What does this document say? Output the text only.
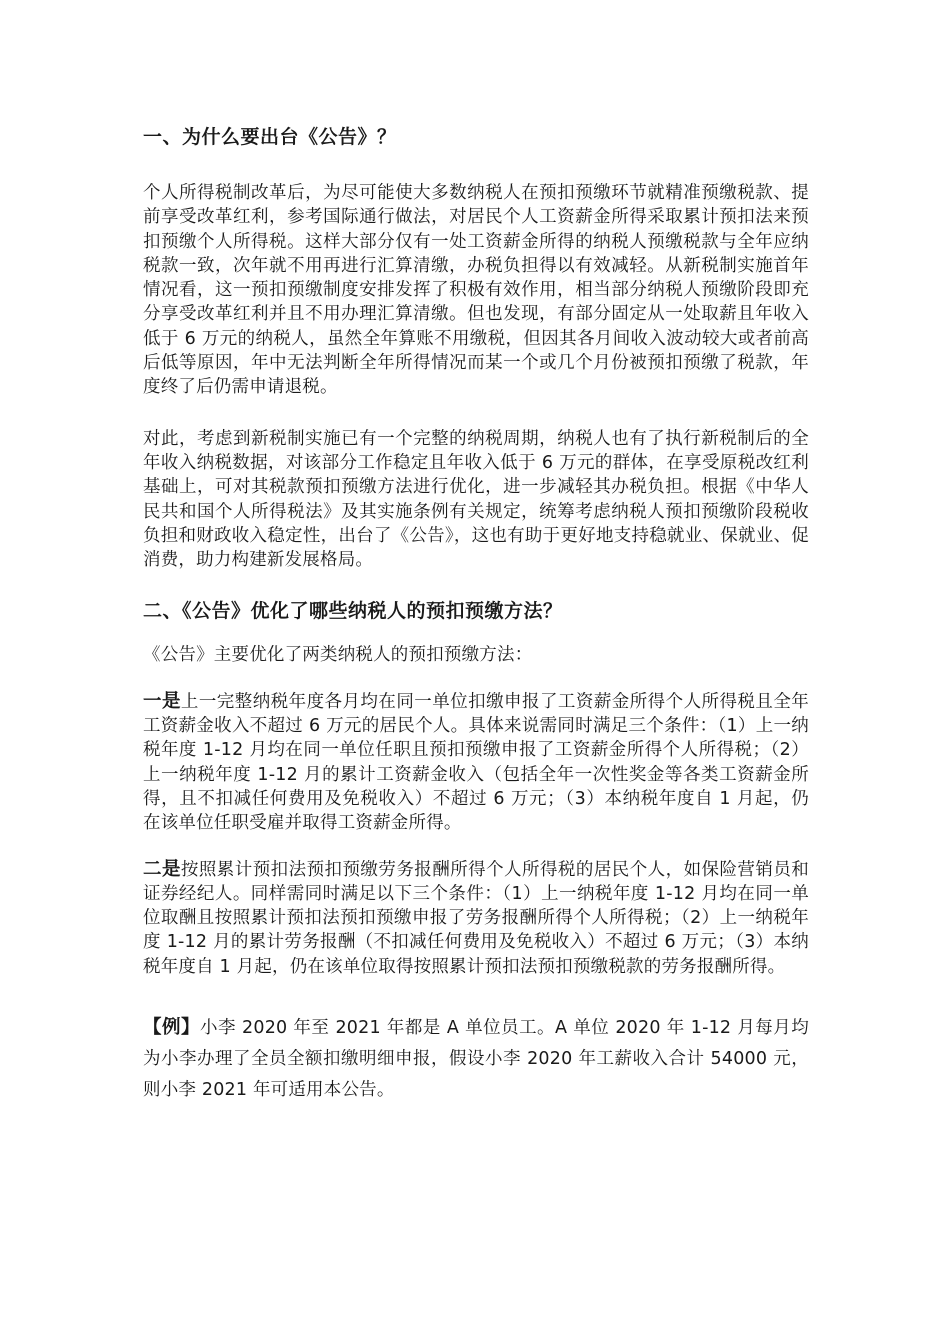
一、为什么要出台《公告》？

个人所得税制改革后，为尽可能使大多数纳税人在预扣预缴环节就精准预缴税款、提前享受改革红利，参考国际通行做法，对居民个人工资薪金所得采取累计预扣法来预扣预缴个人所得税。这样大部分仅有一处工资薪金所得的纳税人预缴税款与全年应纳税款一致，次年就不用再进行汇算清缴，办税负担得以有效减轻。从新税制实施首年情况看，这一预扣预缴制度安排发挥了积极有效作用，相当部分纳税人预缴阶段即充分享受改革红利并且不用办理汇算清缴。但也发现，有部分固定从一处取薪且年收入低于 6 万元的纳税人，虽然全年算账不用缴税，但因其各月间收入波动较大或者前高后低等原因，年中无法判断全年所得情况而某一个或几个月份被预扣预缴了税款，年度终了后仍需申请退税。

对此，考虑到新税制实施已有一个完整的纳税周期，纳税人也有了执行新税制后的全年收入纳税数据，对该部分工作稳定且年收入低于 6 万元的群体，在享受原税改红利基础上，可对其税款预扣预缴方法进行优化，进一步减轻其办税负担。根据《中华人民共和国个人所得税法》及其实施条例有关规定，统筹考虑纳税人预扣预缴阶段税收负担和财政收入稳定性，出台了《公告》，这也有助于更好地支持稳就业、保就业、促消费，助力构建新发展格局。

二、《公告》优化了哪些纳税人的预扣预缴方法？

《公告》主要优化了两类纳税人的预扣预缴方法：

一是上一完整纳税年度各月均在同一单位扣缴申报了工资薪金所得个人所得税且全年工资薪金收入不超过 6 万元的居民个人。具体来说需同时满足三个条件：（1）上一纳税年度 1-12 月均在同一单位任职且预扣预缴申报了工资薪金所得个人所得税；（2）上一纳税年度 1-12 月的累计工资薪金收入（包括全年一次性奖金等各类工资薪金所得，且不扣减任何费用及免税收入）不超过 6 万元；（3）本纳税年度自 1 月起，仍在该单位任职受雇并取得工资薪金所得。

二是按照累计预扣法预扣预缴劳务报酬所得个人所得税的居民个人，如保险营销员和证券经纪人。同样需同时满足以下三个条件：（1）上一纳税年度 1-12 月均在同一单位取酬且按照累计预扣法预扣预缴申报了劳务报酬所得个人所得税；（2）上一纳税年度 1-12 月的累计劳务报酬（不扣减任何费用及免税收入）不超过 6 万元；（3）本纳税年度自 1 月起，仍在该单位取得按照累计预扣法预扣预缴税款的劳务报酬所得。

【例】小李 2020 年至 2021 年都是 A 单位员工。A 单位 2020 年 1-12 月每月均为小李办理了全员全额扣缴明细申报，假设小李 2020 年工薪收入合计 54000 元，则小李 2021 年可适用本公告。
